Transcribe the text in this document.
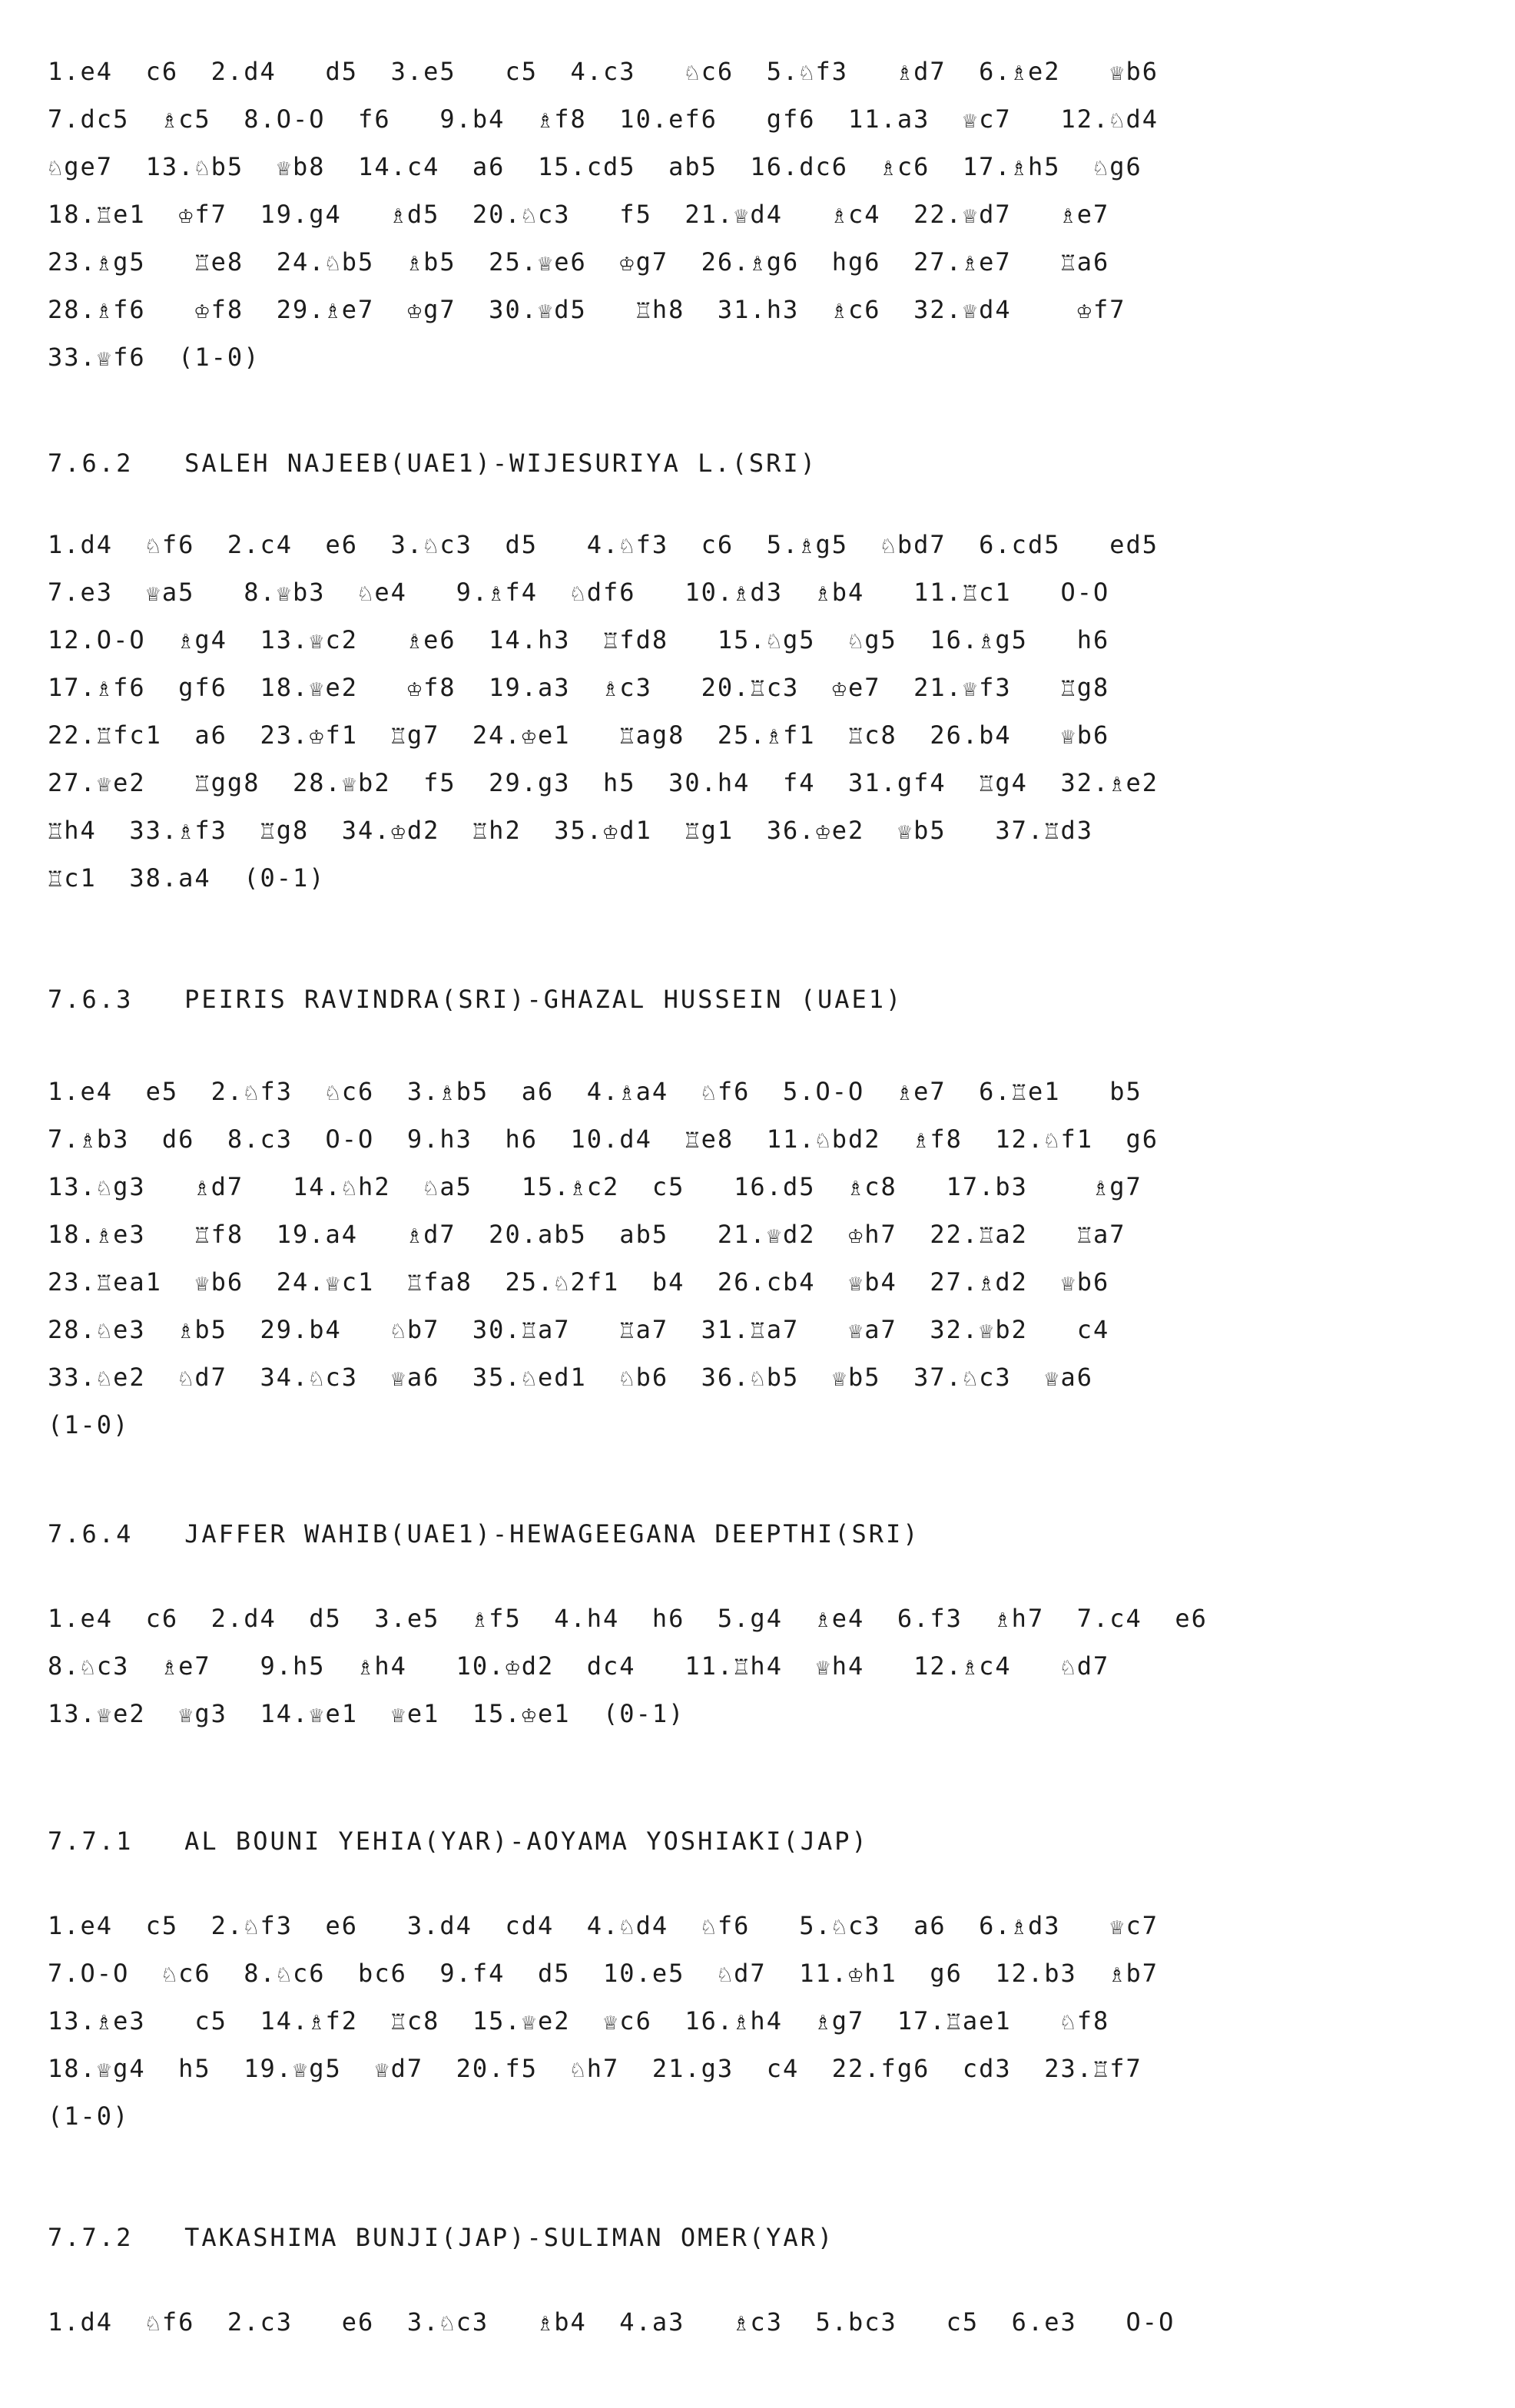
1.e4  c6  2.d4   d5  3.e5   c5  4.c3   ♘c6  5.♘f3   ♗d7  6.♗e2   ♕b6
7.dc5  ♗c5  8.O-O  f6   9.b4  ♗f8  10.ef6   gf6  11.a3  ♕c7   12.♘d4
♘ge7  13.♘b5  ♕b8  14.c4  a6  15.cd5  ab5  16.dc6  ♗c6  17.♗h5  ♘g6
18.♖e1  ♔f7  19.g4   ♗d5  20.♘c3   f5  21.♕d4   ♗c4  22.♕d7   ♗e7
23.♗g5   ♖e8  24.♘b5  ♗b5  25.♕e6  ♔g7  26.♗g6  hg6  27.♗e7   ♖a6
28.♗f6   ♔f8  29.♗e7  ♔g7  30.♕d5   ♖h8  31.h3  ♗c6  32.♕d4    ♔f7
33.♕f6  (1-0)
7.6.2   SALEH NAJEEB(UAE1)-WIJESURIYA L.(SRI)
1.d4  ♘f6  2.c4  e6  3.♘c3  d5   4.♘f3  c6  5.♗g5  ♘bd7  6.cd5   ed5
7.e3  ♕a5   8.♕b3  ♘e4   9.♗f4  ♘df6   10.♗d3  ♗b4   11.♖c1   O-O
12.O-O  ♗g4  13.♕c2   ♗e6  14.h3  ♖fd8   15.♘g5  ♘g5  16.♗g5   h6
17.♗f6  gf6  18.♕e2   ♔f8  19.a3  ♗c3   20.♖c3  ♔e7  21.♕f3   ♖g8
22.♖fc1  a6  23.♔f1  ♖g7  24.♔e1   ♖ag8  25.♗f1  ♖c8  26.b4   ♕b6
27.♕e2   ♖gg8  28.♕b2  f5  29.g3  h5  30.h4  f4  31.gf4  ♖g4  32.♗e2
♖h4  33.♗f3  ♖g8  34.♔d2  ♖h2  35.♔d1  ♖g1  36.♔e2  ♕b5   37.♖d3
♖c1  38.a4  (0-1)
7.6.3   PEIRIS RAVINDRA(SRI)-GHAZAL HUSSEIN (UAE1)
1.e4  e5  2.♘f3  ♘c6  3.♗b5  a6  4.♗a4  ♘f6  5.O-O  ♗e7  6.♖e1   b5
7.♗b3  d6  8.c3  O-O  9.h3  h6  10.d4  ♖e8  11.♘bd2  ♗f8  12.♘f1  g6
13.♘g3   ♗d7   14.♘h2  ♘a5   15.♗c2  c5   16.d5  ♗c8   17.b3    ♗g7
18.♗e3   ♖f8  19.a4   ♗d7  20.ab5  ab5   21.♕d2  ♔h7  22.♖a2   ♖a7
23.♖ea1  ♕b6  24.♕c1  ♖fa8  25.♘2f1  b4  26.cb4  ♕b4  27.♗d2  ♕b6
28.♘e3  ♗b5  29.b4   ♘b7  30.♖a7   ♖a7  31.♖a7   ♕a7  32.♕b2   c4
33.♘e2  ♘d7  34.♘c3  ♕a6  35.♘ed1  ♘b6  36.♘b5  ♕b5  37.♘c3  ♕a6
(1-0)
7.6.4   JAFFER WAHIB(UAE1)-HEWAGEEGANA DEEPTHI(SRI)
1.e4  c6  2.d4  d5  3.e5  ♗f5  4.h4  h6  5.g4  ♗e4  6.f3  ♗h7  7.c4  e6
8.♘c3  ♗e7   9.h5  ♗h4   10.♔d2  dc4   11.♖h4  ♕h4   12.♗c4   ♘d7
13.♕e2  ♕g3  14.♕e1  ♕e1  15.♔e1  (0-1)
7.7.1   AL BOUNI YEHIA(YAR)-AOYAMA YOSHIAKI(JAP)
1.e4  c5  2.♘f3  e6   3.d4  cd4  4.♘d4  ♘f6   5.♘c3  a6  6.♗d3   ♕c7
7.O-O  ♘c6  8.♘c6  bc6  9.f4  d5  10.e5  ♘d7  11.♔h1  g6  12.b3  ♗b7
13.♗e3   c5  14.♗f2  ♖c8  15.♕e2  ♕c6  16.♗h4  ♗g7  17.♖ae1   ♘f8
18.♕g4  h5  19.♕g5  ♕d7  20.f5  ♘h7  21.g3  c4  22.fg6  cd3  23.♖f7
(1-0)
7.7.2   TAKASHIMA BUNJI(JAP)-SULIMAN OMER(YAR)
1.d4  ♘f6  2.c3   e6  3.♘c3   ♗b4  4.a3   ♗c3  5.bc3   c5  6.e3   O-O
